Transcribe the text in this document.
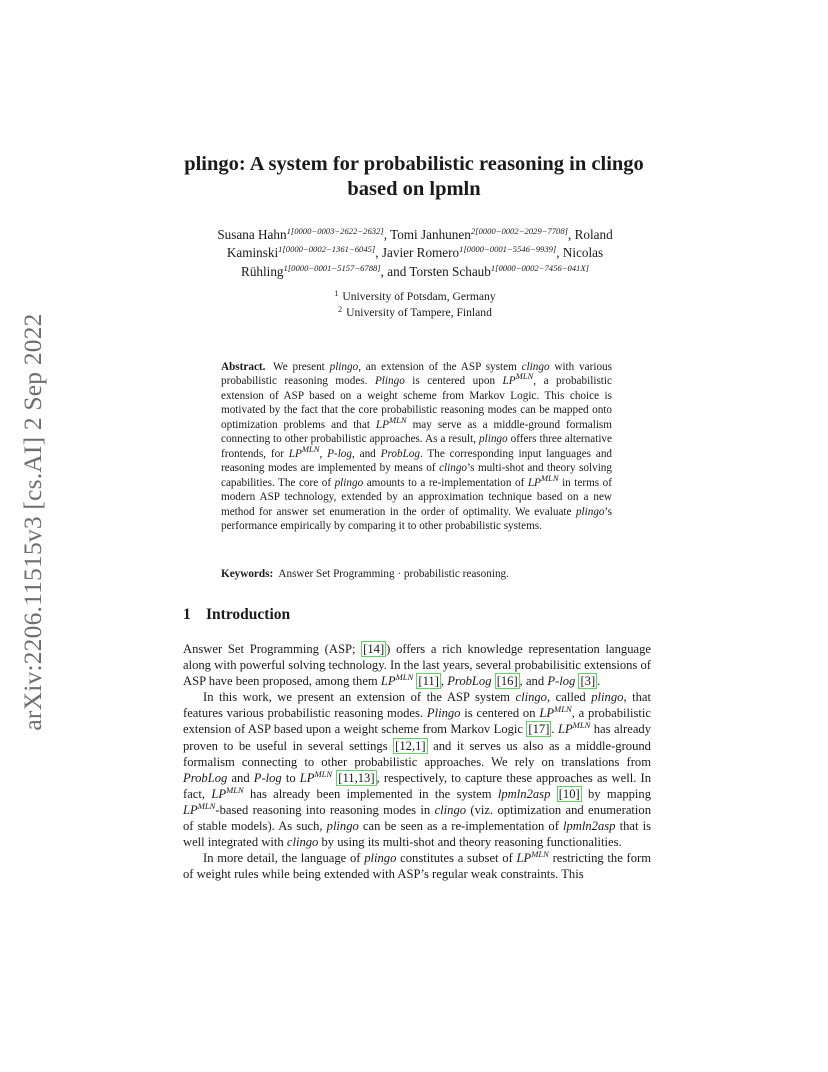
arXiv:2206.11515v3 [cs.AI] 2 Sep 2022
plingo: A system for probabilistic reasoning in clingo
based on lpmln
Susana Hahn$^{1[0000-0003-2622-2632]}$, Tomi Janhunen$^{2[0000-0002-2029-7708]}$, Roland Kaminski$^{1[0000-0002-1361-6045]}$, Javier Romero$^{1[0000-0001-5546-9939]}$, Nicolas Rühling$^{1[0000-0001-5157-6788]}$, and Torsten Schaub$^{1[0000-0002-7456-041X]}$
$^1$ University of Potsdam, Germany
$^2$ University of Tampere, Finland
Abstract. We present plingo, an extension of the ASP system clingo with various probabilistic reasoning modes. Plingo is centered upon $LP^{MLN}$, a probabilistic extension of ASP based on a weight scheme from Markov Logic. This choice is motivated by the fact that the core probabilistic reasoning modes can be mapped onto optimization problems and that $LP^{MLN}$ may serve as a middle-ground formalism connecting to other probabilistic approaches. As a result, plingo offers three alternative frontends, for $LP^{MLN}$, P-log, and ProbLog. The corresponding input languages and reasoning modes are implemented by means of clingo’s multi-shot and theory solving capabilities. The core of plingo amounts to a re-implementation of $LP^{MLN}$ in terms of modern ASP technology, extended by an approximation technique based on a new method for answer set enumeration in the order of optimality. We evaluate plingo’s performance empirically by comparing it to other probabilistic systems.
Keywords: Answer Set Programming · probabilistic reasoning.
1 Introduction

Answer Set Programming (ASP; [14] ) offers a rich knowledge representation language along with powerful solving technology. In the last years, several probabilisitic extensions of ASP have been proposed, among them $LP^{MLN}$ [11] , ProbLog [16] , and P-log [3] .

In this work, we present an extension of the ASP system clingo, called plingo, that features various probabilistic reasoning modes. Plingo is centered on $LP^{MLN}$, a probabilistic extension of ASP based upon a weight scheme from Markov Logic [17] . $LP^{MLN}$ has already proven to be useful in several settings [12,1] and it serves us also as a middle-ground formalism connecting to other probabilistic approaches. We rely on translations from ProbLog and P-log to $LP^{MLN}$ [11,13] , respectively, to capture these approaches as well. In fact, $LP^{MLN}$ has already been implemented in the system lpmln2asp [10] by mapping $LP^{MLN}$-based reasoning into reasoning modes in clingo (viz. optimization and enumeration of stable models). As such, plingo can be seen as a re-implementation of lpmln2asp that is well integrated with clingo by using its multi-shot and theory reasoning functionalities.

In more detail, the language of plingo constitutes a subset of $LP^{MLN}$ restricting the form of weight rules while being extended with ASP’s regular weak constraints. This
